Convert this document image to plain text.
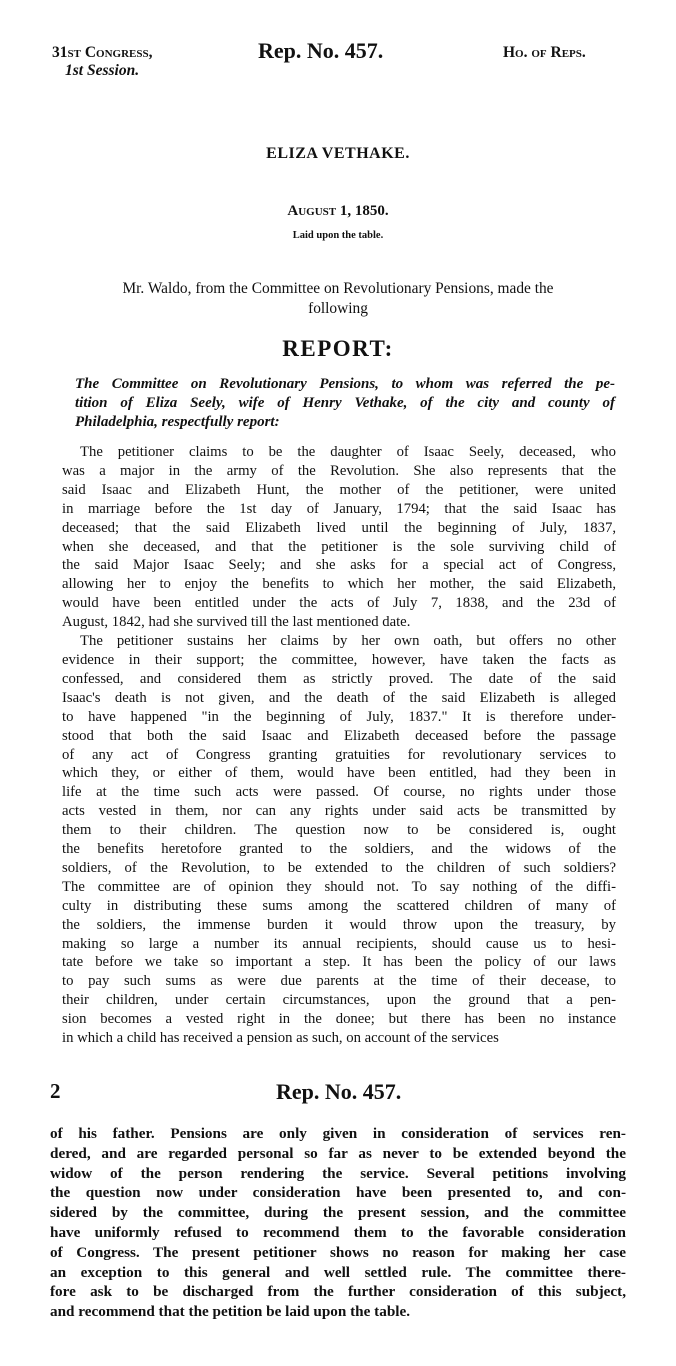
31st Congress,
1st Session.
Rep. No. 457.	Ho. of Reps.
ELIZA VETHAKE.
August 1, 1850.
Laid upon the table.
Mr. Waldo, from the Committee on Revolutionary Pensions, made the
following
REPORT:
The Committee on Revolutionary Pensions, to whom was referred the pe-
tition of Eliza Seely, wife of Henry Vethake, of the city and county of
Philadelphia, respectfully report:
The petitioner claims to be the daughter of Isaac Seely, deceased, who
was a major in the army of the Revolution. She also represents that the
said Isaac and Elizabeth Hunt, the mother of the petitioner, were united
in marriage before the 1st day of January, 1794; that the said Isaac has
deceased; that the said Elizabeth lived until the beginning of July, 1837,
when she deceased, and that the petitioner is the sole surviving child of
the said Major Isaac Seely; and she asks for a special act of Congress,
allowing her to enjoy the benefits to which her mother, the said Elizabeth,
would have been entitled under the acts of July 7, 1838, and the 23d of
August, 1842, had she survived till the last mentioned date.
The petitioner sustains her claims by her own oath, but offers no other
evidence in their support; the committee, however, have taken the facts as
confessed, and considered them as strictly proved. The date of the said
Isaac's death is not given, and the death of the said Elizabeth is alleged
to have happened "in the beginning of July, 1837." It is therefore under-
stood that both the said Isaac and Elizabeth deceased before the passage
of any act of Congress granting gratuities for revolutionary services to
which they, or either of them, would have been entitled, had they been in
life at the time such acts were passed. Of course, no rights under those
acts vested in them, nor can any rights under said acts be transmitted by
them to their children. The question now to be considered is, ought
the benefits heretofore granted to the soldiers, and the widows of the
soldiers, of the Revolution, to be extended to the children of such soldiers?
The committee are of opinion they should not. To say nothing of the diffi-
culty in distributing these sums among the scattered children of many of
the soldiers, the immense burden it would throw upon the treasury, by
making so large a number its annual recipients, should cause us to hesi-
tate before we take so important a step. It has been the policy of our laws
to pay such sums as were due parents at the time of their decease, to
their children, under certain circumstances, upon the ground that a pen-
sion becomes a vested right in the donee; but there has been no instance
in which a child has received a pension as such, on account of the services
2	Rep. No. 457.
of his father. Pensions are only given in consideration of services ren-
dered, and are regarded personal so far as never to be extended beyond the
widow of the person rendering the service. Several petitions involving
the question now under consideration have been presented to, and con-
sidered by the committee, during the present session, and the committee
have uniformly refused to recommend them to the favorable consideration
of Congress. The present petitioner shows no reason for making her case
an exception to this general and well settled rule. The committee there-
fore ask to be discharged from the further consideration of this subject,
and recommend that the petition be laid upon the table.
